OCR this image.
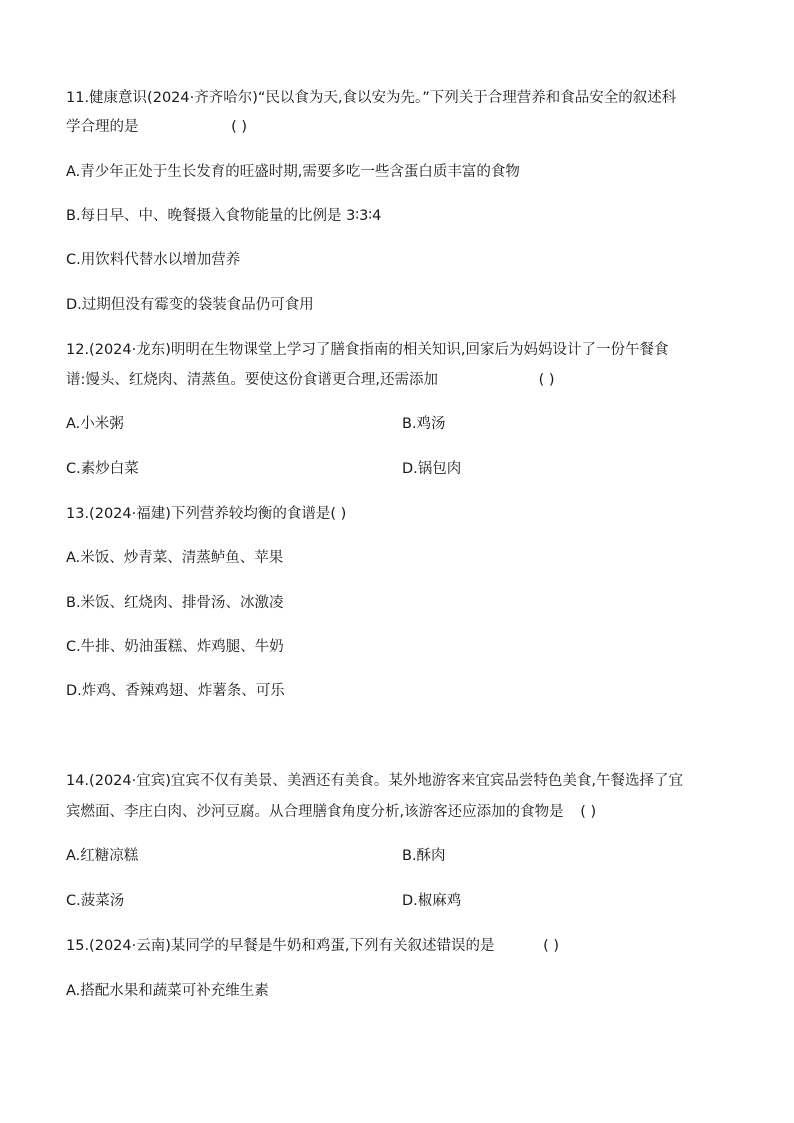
11.健康意识(2024·齐齐哈尔)“民以食为天,食以安为先。”下列关于合理营养和食品安全的叙述科
学合理的是	( )
A.青少年正处于生长发育的旺盛时期,需要多吃一些含蛋白质丰富的食物
B.每日早、中、晚餐摄入食物能量的比例是 3∶3∶4
C.用饮料代替水以增加营养
D.过期但没有霉变的袋装食品仍可食用
12.(2024·龙东)明明在生物课堂上学习了膳食指南的相关知识,回家后为妈妈设计了一份午餐食
谱:馒头、红烧肉、清蒸鱼。要使这份食谱更合理,还需添加	( )
A.小米粥	B.鸡汤
C.素炒白菜	D.锅包肉
13.(2024·福建)下列营养较均衡的食谱是( )
A.米饭、炒青菜、清蒸鲈鱼、苹果
B.米饭、红烧肉、排骨汤、冰激凌
C.牛排、奶油蛋糕、炸鸡腿、牛奶
D.炸鸡、香辣鸡翅、炸薯条、可乐
14.(2024·宜宾)宜宾不仅有美景、美酒还有美食。某外地游客来宜宾品尝特色美食,午餐选择了宜
宾燃面、李庄白肉、沙河豆腐。从合理膳食角度分析,该游客还应添加的食物是 ( )
A.红糖凉糕	B.酥肉
C.菠菜汤	D.椒麻鸡
15.(2024·云南)某同学的早餐是牛奶和鸡蛋,下列有关叙述错误的是	( )
A.搭配水果和蔬菜可补充维生素
